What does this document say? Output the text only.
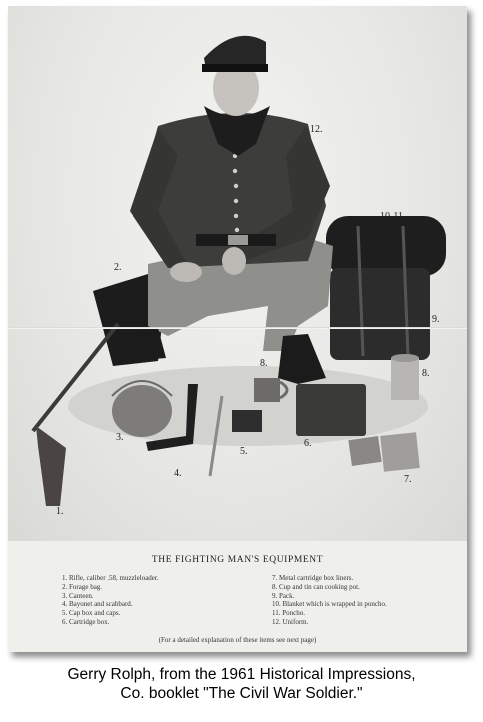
12.
10-11
2.
9.
8.
8.
3.
6.
5.
4.
7.
1.
THE FIGHTING MAN'S EQUIPMENT
1. Rifle, caliber .58, muzzleloader.
2. Forage bag.
3. Canteen.
4. Bayonet and scabbard.
5. Cap box and caps.
6. Cartridge box.
7. Metal cartridge box liners.
8. Cup and tin can cooking pot.
9. Pack.
10. Blanket which is wrapped in poncho.
11. Poncho.
12. Uniform.
(For a detailed explanation of these items see next page)
Gerry Rolph, from the 1961 Historical Impressions,
Co. booklet "The Civil War Soldier."
